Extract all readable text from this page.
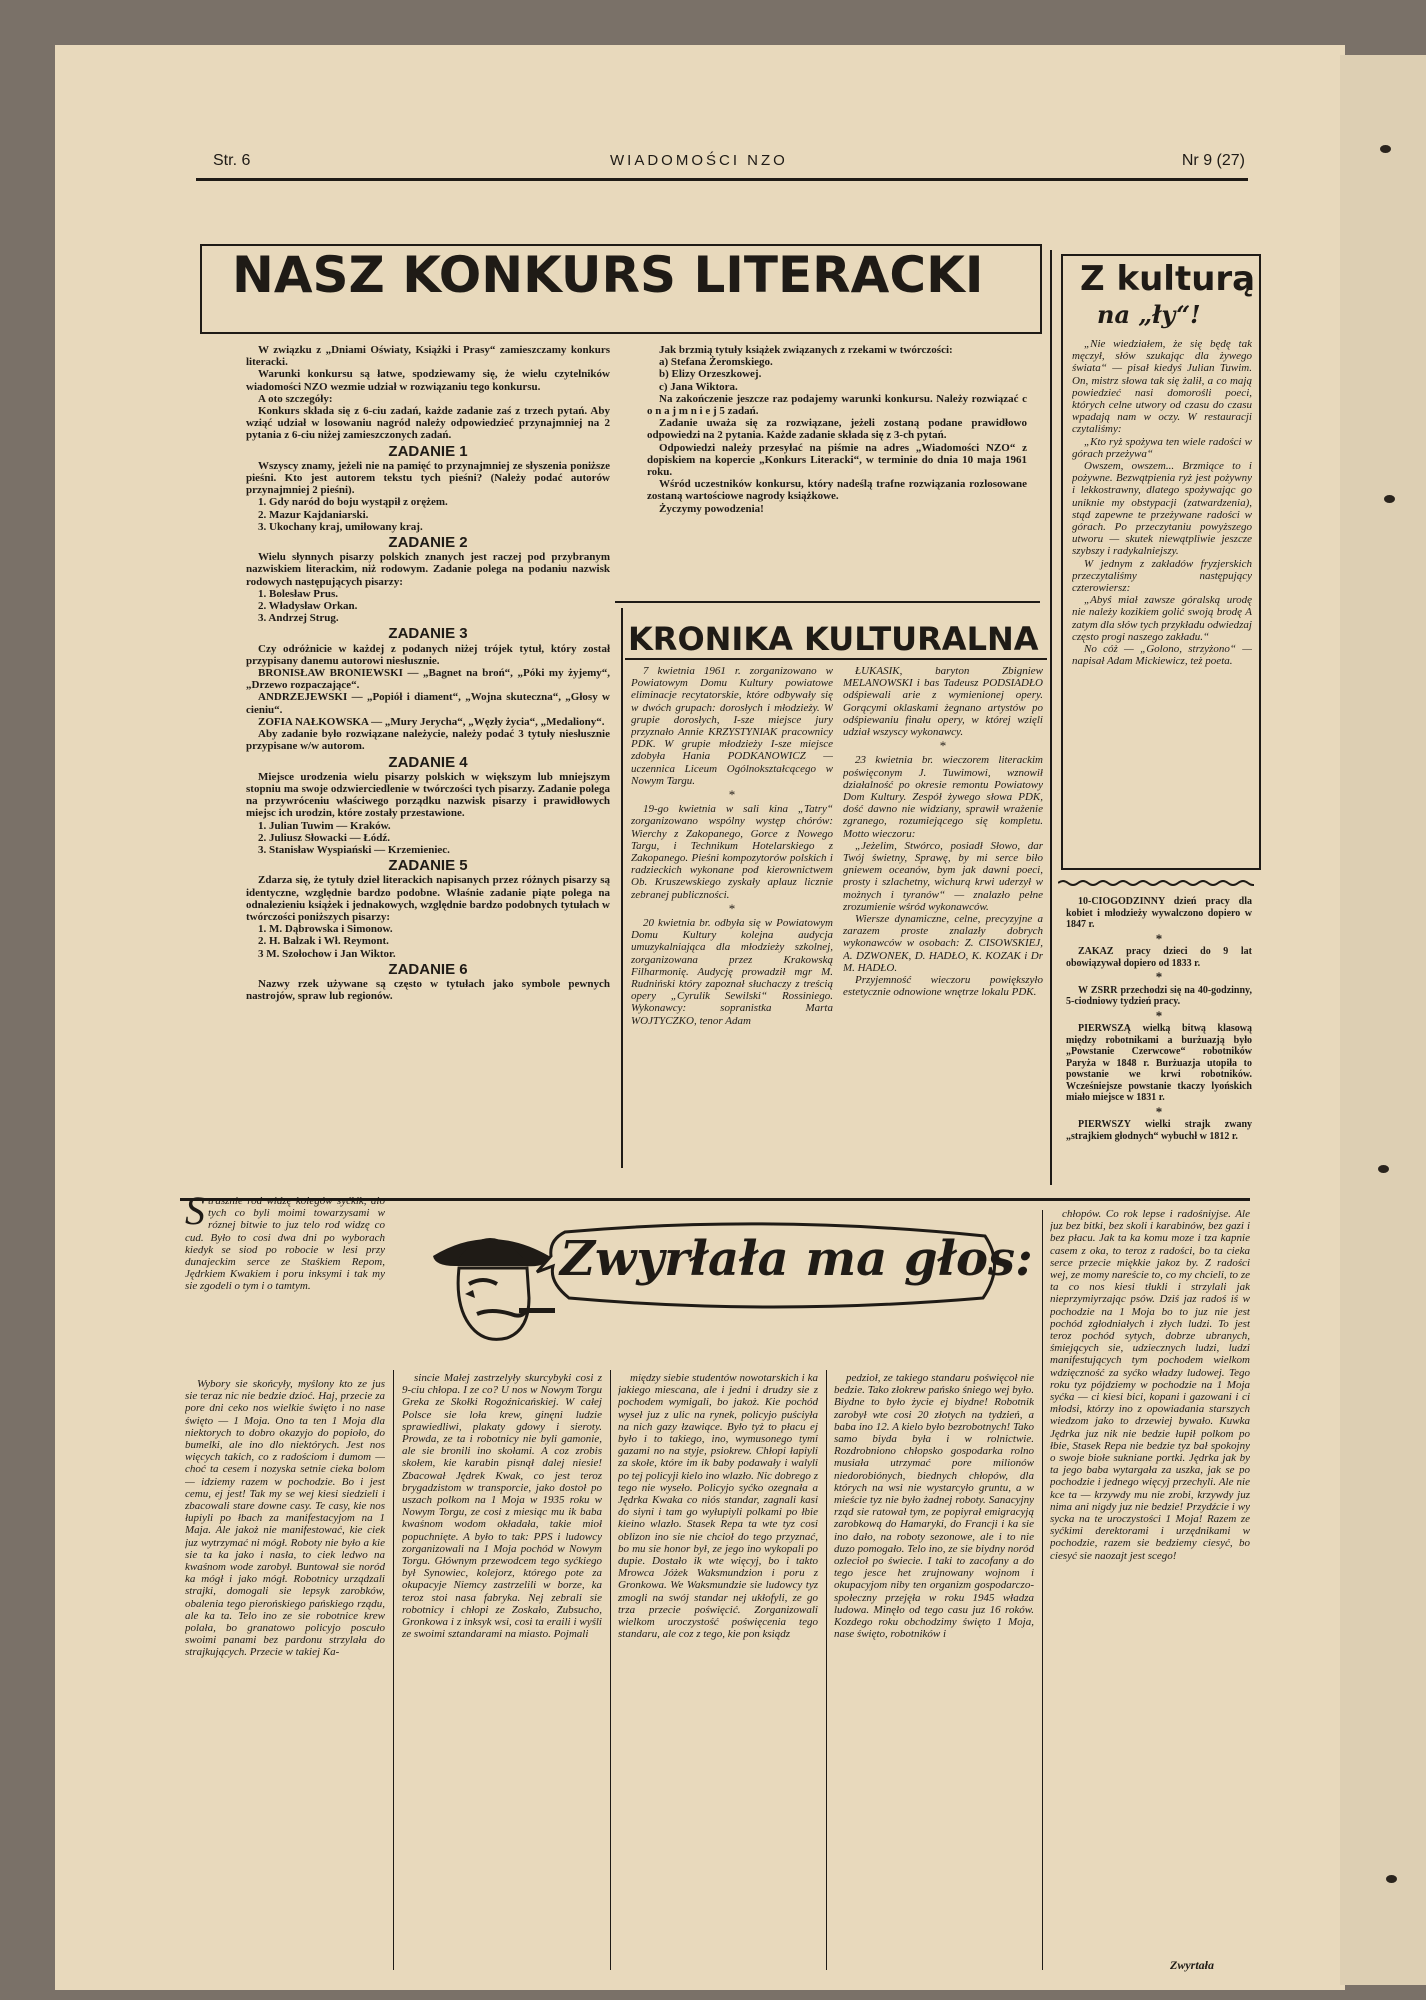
Str. 6	WIADOMOŚCI NZO	Nr 9 (27)
NASZ KONKURS LITERACKI

W związku z „Dniami Oświaty, Książki i Prasy“ zamieszczamy konkurs literacki.

Warunki konkursu są łatwe, spodziewamy się, że wielu czytelników wiadomości NZO wezmie udział w rozwiązaniu tego konkursu.

A oto szczegóły:

Konkurs składa się z 6-ciu zadań, każde zadanie zaś z trzech pytań. Aby wziąć udział w losowaniu nagród należy odpowiedzieć przynajmniej na 2 pytania z 6-ciu niżej zamieszczonych zadań.

ZADANIE 1

Wszyscy znamy, jeżeli nie na pamięć to przynajmniej ze słyszenia poniższe pieśni. Kto jest autorem tekstu tych pieśni? (Należy podać autorów przynajmniej 2 pieśni).

1. Gdy naród do boju wystąpił z orężem.

2. Mazur Kajdaniarski.

3. Ukochany kraj, umiłowany kraj.

ZADANIE 2

Wielu słynnych pisarzy polskich znanych jest raczej pod przybranym nazwiskiem literackim, niż rodowym. Zadanie polega na podaniu nazwisk rodowych następujących pisarzy:

1. Bolesław Prus.

2. Władysław Orkan.

3. Andrzej Strug.

ZADANIE 3

Czy odróżnicie w każdej z podanych niżej trójek tytuł, który został przypisany danemu autorowi niesłusznie.

BRONISŁAW BRONIEWSKI — „Bagnet na broń“, „Póki my żyjemy“, „Drzewo rozpaczające“.

ANDRZEJEWSKI — „Popiół i diament“, „Wojna skuteczna“, „Głosy w cieniu“.

ZOFIA NAŁKOWSKA — „Mury Jerycha“, „Węzły życia“, „Medaliony“.

Aby zadanie było rozwiązane należycie, należy podać 3 tytuły niesłusznie przypisane w/w autorom.

ZADANIE 4

Miejsce urodzenia wielu pisarzy polskich w większym lub mniejszym stopniu ma swoje odzwierciedlenie w twórczości tych pisarzy. Zadanie polega na przywróceniu właściwego porządku nazwisk pisarzy i prawidłowych miejsc ich urodzin, które zostały przestawione.

1. Julian Tuwim — Kraków.

2. Juliusz Słowacki — Łódź.

3. Stanisław Wyspiański — Krzemieniec.

ZADANIE 5

Zdarza się, że tytuły dzieł literackich napisanych przez różnych pisarzy są identyczne, względnie bardzo podobne. Właśnie zadanie piąte polega na odnalezieniu książek i jednakowych, względnie bardzo podobnych tytułach w twórczości poniższych pisarzy:

1. M. Dąbrowska i Simonow.

2. H. Balzak i Wł. Reymont.

3 M. Szołochow i Jan Wiktor.

ZADANIE 6

Nazwy rzek używane są często w tytułach jako symbole pewnych nastrojów, spraw lub regionów.

Jak brzmią tytuły książek związanych z rzekami w twórczości:

a) Stefana Żeromskiego.

b) Elizy Orzeszkowej.

c) Jana Wiktora.

Na zakończenie jeszcze raz podajemy warunki konkursu. Należy rozwiązać c o n a j m n i e j 5 zadań.

Zadanie uważa się za rozwiązane, jeżeli zostaną podane prawidłowo odpowiedzi na 2 pytania. Każde zadanie składa się z 3-ch pytań.

Odpowiedzi należy przesyłać na piśmie na adres „Wiadomości NZO“ z dopiskiem na kopercie „Konkurs Literacki“, w terminie do dnia 10 maja 1961 roku.

Wśród uczestników konkursu, który nadeślą trafne rozwiązania rozlosowane zostaną wartościowe nagrody książkowe.

Życzymy powodzenia!

KRONIKA KULTURALNA

7 kwietnia 1961 r. zorganizowano w Powiatowym Domu Kultury powiatowe eliminacje recytatorskie, które odbywały się w dwóch grupach: dorosłych i młodzieży. W grupie dorosłych, I-sze miejsce jury przyznało Annie KRZYSTYNIAK pracownicy PDK. W grupie młodzieży I-sze miejsce zdobyła Hania PODKANOWICZ — uczennica Liceum Ogólnokształcącego w Nowym Targu.

*

19-go kwietnia w sali kina „Tatry“ zorganizowano wspólny występ chórów: Wierchy z Zakopanego, Gorce z Nowego Targu, i Technikum Hotelarskiego z Zakopanego. Pieśni kompozytorów polskich i radzieckich wykonane pod kierownictwem Ob. Kruszewskiego zyskały aplauz licznie zebranej publiczności.

*

20 kwietnia br. odbyła się w Powiatowym Domu Kultury kolejna audycja umuzykalniająca dla młodzieży szkolnej, zorganizowana przez Krakowską Filharmonię. Audycję prowadził mgr M. Rudniński który zapoznał słuchaczy z treścią opery „Cyrulik Sewilski“ Rossiniego. Wykonawcy: sopranistka Marta WOJTYCZKO, tenor Adam

ŁUKASIK, baryton Zbigniew MELANOWSKI i bas Tadeusz PODSIADŁO odśpiewali arie z wymienionej opery. Gorącymi oklaskami żegnano artystów po odśpiewaniu finału opery, w której wzięli udział wszyscy wykonawcy.

*

23 kwietnia br. wieczorem literackim poświęconym J. Tuwimowi, wznowił działalność po okresie remontu Powiatowy Dom Kultury. Zespół żywego słowa PDK, dość dawno nie widziany, sprawił wrażenie zgranego, rozumiejącego się kompletu. Motto wieczoru:

„Jeżelim, Stwórco, posiadł Słowo, dar Twój świetny, Sprawę, by mi serce biło gniewem oceanów, bym jak dawni poeci, prosty i szlachetny, wichurą krwi uderzył w możnych i tyranów“ — znalazło pełne zrozumienie wśród wykonawców.

Wiersze dynamiczne, celne, precyzyjne a zarazem proste znalazły dobrych wykonawców w osobach: Z. CISOWSKIEJ, A. DZWONEK, D. HADŁO, K. KOZAK i Dr M. HADŁO.

Przyjemność wieczoru powiększyło estetycznie odnowione wnętrze lokalu PDK.

Z kulturą
na „ły“!

„Nie wiedziałem, że się będę tak męczył, słów szukając dla żywego świata“ — pisał kiedyś Julian Tuwim. On, mistrz słowa tak się żalił, a co mają powiedzieć nasi domorośli poeci, których celne utwory od czasu do czasu wpadają nam w oczy. W restauracji czytaliśmy:

„Kto ryż spożywa ten wiele radości w górach przeżywa“

Owszem, owszem... Brzmiące to i pożywne. Bezwątpienia ryż jest pożywny i lekkostrawny, dlatego spożywając go uniknie my obstypacji (zatwardzenia), stąd zapewne te przeżywane radości w górach. Po przeczytaniu powyższego utworu — skutek niewątpliwie jeszcze szybszy i radykalniejszy.

W jednym z zakładów fryzjerskich przeczytaliśmy następujący czterowiersz:

„Abyś miał zawsze góralską urodę nie należy kozikiem golić swoją brodę A zatym dla słów tych przykładu odwiedzaj często progi naszego zakładu.“

No cóż — „Golono, strzyżono“ — napisał Adam Mickiewicz, też poeta.

10-CIOGODZINNY dzień pracy dla kobiet i młodzieży wywalczono dopiero w 1847 r.

*

ZAKAZ pracy dzieci do 9 lat obowiązywał dopiero od 1833 r.

*

W ZSRR przechodzi się na 40-godzinny, 5-ciodniowy tydzień pracy.

*

PIERWSZĄ wielką bitwą klasową między robotnikami a burżuazją było „Powstanie Czerwcowe“ robotników Paryża w 1848 r. Burżuazja utopiła to powstanie we krwi robotników. Wcześniejsze powstanie tkaczy lyońskich miało miejsce w 1831 r.

*

PIERWSZY wielki strajk zwany „strajkiem głodnych“ wybuchł w 1812 r.

Zwyrłała ma głos:

Strasznie rod widzę kolegów syćkik, alo tych co byli moimi towarzysami w róznej bitwie to juz telo rod widzę co cud. Było to cosi dwa dni po wyborach kiedyk se siod po robocie w lesi przy dunajeckim serce ze Staśkiem Repom, Jędrkiem Kwakiem i poru inksymi i tak my sie zgodeli o tym i o tamtym.

Wybory sie skońcyły, myślony kto ze jus sie teraz nic nie bedzie dzioć. Haj, przecie za pore dni ceko nos wielkie święto i no nase święto — 1 Moja. Ono ta ten 1 Moja dla niektorych to dobro okazyjo do popioło, do bumelki, ale ino dlo niektórych. Jest nos więcych takich, co z radościom i dumom — choć ta cesem i nozyska setnie cieka bolom — idziemy razem w pochodzie. Bo i jest cemu, ej jest! Tak my se wej kiesi siedzieli i zbacowali stare downe casy. Te casy, kie nos łupiyli po łbach za manifestacyjom na 1 Maja. Ale jakoż nie manifestować, kie ciek juz wytrzymać ni mógł. Roboty nie było a kie sie ta ka jako i nasła, to ciek ledwo na kwaśnom wode zarobył. Buntował sie noród ka mógł i jako mógł. Robotnicy urządzali strajki, domogali sie lepsyk zarobków, obalenia tego pierońskiego pańskiego rządu, ale ka ta. Telo ino ze sie robotnice krew polała, bo granatowo policyjo poscuło swoimi panami bez pardonu strzylała do strajkujących. Przecie w takiej Ka-

sincie Małej zastrzelyły skurcybyki cosi z 9-ciu chłopa. I ze co? U nos w Nowym Torgu Greka ze Skołki Rogoźnicańskiej. W całej Polsce sie loła krew, ginęni ludzie sprawiedliwi, plakaty gdowy i sieroty. Prowda, ze ta i robotnicy nie byli gamonie, ale sie bronili ino skołami. A coz zrobis skołem, kie karabin pisnął dalej niesie! Zbacował Jędrek Kwak, co jest teroz brygadzistom w transporcie, jako dostoł po uszach polkom na 1 Moja w 1935 roku w Nowym Torgu, ze cosi z miesiąc mu ik baba kwaśnom wodom okładała, takie mioł popuchnięte. A było to tak: PPS i ludowcy zorganizowali na 1 Moja pochód w Nowym Torgu. Głównym przewodcem tego syćkiego był Synowiec, kolejorz, którego pote za okupacyje Niemcy zastrzelili w borze, ka teroz stoi nasa fabryka. Nej zebrali sie robotnicy i chłopi ze Zoskało, Zubsucho, Gronkowa i z inksyk wsi, cosi ta eraili i wyśli ze swoimi sztandarami na miasto. Pojmali

między siebie studentów nowotarskich i ka jakiego miescana, ale i jedni i drudzy sie z pochodem wymigali, bo jakoż. Kie pochód wyseł juz z ulic na rynek, policyjo puściyła na nich gazy łzawiące. Było tyż to płacu ej było i to takiego, ino, wymusonego tymi gazami no na styje, psiokrew. Chłopi łapiyli za skołe, które im ik baby podawały i walyli po tej policyji kielo ino wlazło. Nic dobrego z tego nie wyseło. Policyjo syćko ozegnała a Jędrka Kwaka co niós standar, zagnali kasi do siyni i tam go wyłupiyli polkami po łbie kieino wlazło. Stasek Repa ta wte tyz cosi oblizon ino sie nie chcioł do tego przyznać, bo mu sie honor był, ze jego ino wykopali po dupie. Dostało ik wte więcyj, bo i takto Mrowca Jóżek Waksmundzion i poru z Gronkowa. We Waksmundzie sie ludowcy tyz zmogli na swój standar nej ukłofyli, ze go trza przecie poświęcić. Zorganizowali wielkom uroczystość poświęcenia tego standaru, ale coz z tego, kie pon ksiądz

pedzioł, ze takiego standaru poświęcoł nie bedzie. Tako złokrew pańsko śniego wej było. Biydne to było życie ej biydne! Robotnik zarobył wte cosi 20 złotych na tydzień, a baba ino 12. A kielo było bezrobotnych! Tako samo biyda była i w rolnictwie. Rozdrobniono chłopsko gospodarka rolno musiała utrzymać pore milionów niedorobiónych, biednych chłopów, dla których na wsi nie wystarcyło gruntu, a w mieście tyz nie było żadnej roboty. Sanacyjny rząd sie ratował tym, ze popiyrał emigracyją zarobkową do Hamaryki, do Francji i ka sie ino dało, na roboty sezonowe, ale i to nie duzo pomogało. Telo ino, ze sie biydny noród ozlecioł po świecie. I taki to zacofany a do tego jesce het zrujnowany wojnom i okupacyjom niby ten organizm gospodarczo-społeczny przejęła w roku 1945 władza ludowa. Minęło od tego casu juz 16 roków. Kozdego roku obchodzimy święto 1 Moja, nase święto, robotników i

chłopów. Co rok lepse i radośniyjse. Ale juz bez bitki, bez skoli i karabinów, bez gazi i bez płacu. Jak ta ka komu moze i tza kapnie casem z oka, to teroz z radości, bo ta cieka serce przecie miękkie jakoz by. Z radości wej, ze momy nareście to, co my chcieli, to ze ta co nos kiesi tłukli i strzylali jak nieprzymiyrzając psów. Dziś jaz radoś iś w pochodzie na 1 Moja bo to juz nie jest pochód zgłodniałych i złych ludzi. To jest teroz pochód sytych, dobrze ubranych, śmiejących sie, udziecznych ludzi, ludzi manifestujących tym pochodem wielkom wdzięczność za syćko władzy ludowej. Tego roku tyz pójdziemy w pochodzie na 1 Moja syćka — ci kiesi bici, kopani i gazowani i ci młodsi, którzy ino z opowiadania starszych wiedzom jako to drzewiej bywało. Kuwka Jędrka juz nik nie bedzie łupił polkom po łbie, Stasek Repa nie bedzie tyz bał spokojny o swoje biołe sukniane portki. Jędrka jak by ta jego baba wytargała za uszka, jak se po pochodzie i jednego więcyj przechyli. Ale nie kce ta — krzywdy mu nie zrobi, krzywdy juz nima ani nigdy juz nie bedzie! Przydźcie i wy sycka na te uroczystości 1 Moja! Razem ze syćkimi derektorami i urzędnikami w pochodzie, razem sie bedziemy ciesyć, bo ciesyć sie naozajt jest scego!

Zwyrtała
